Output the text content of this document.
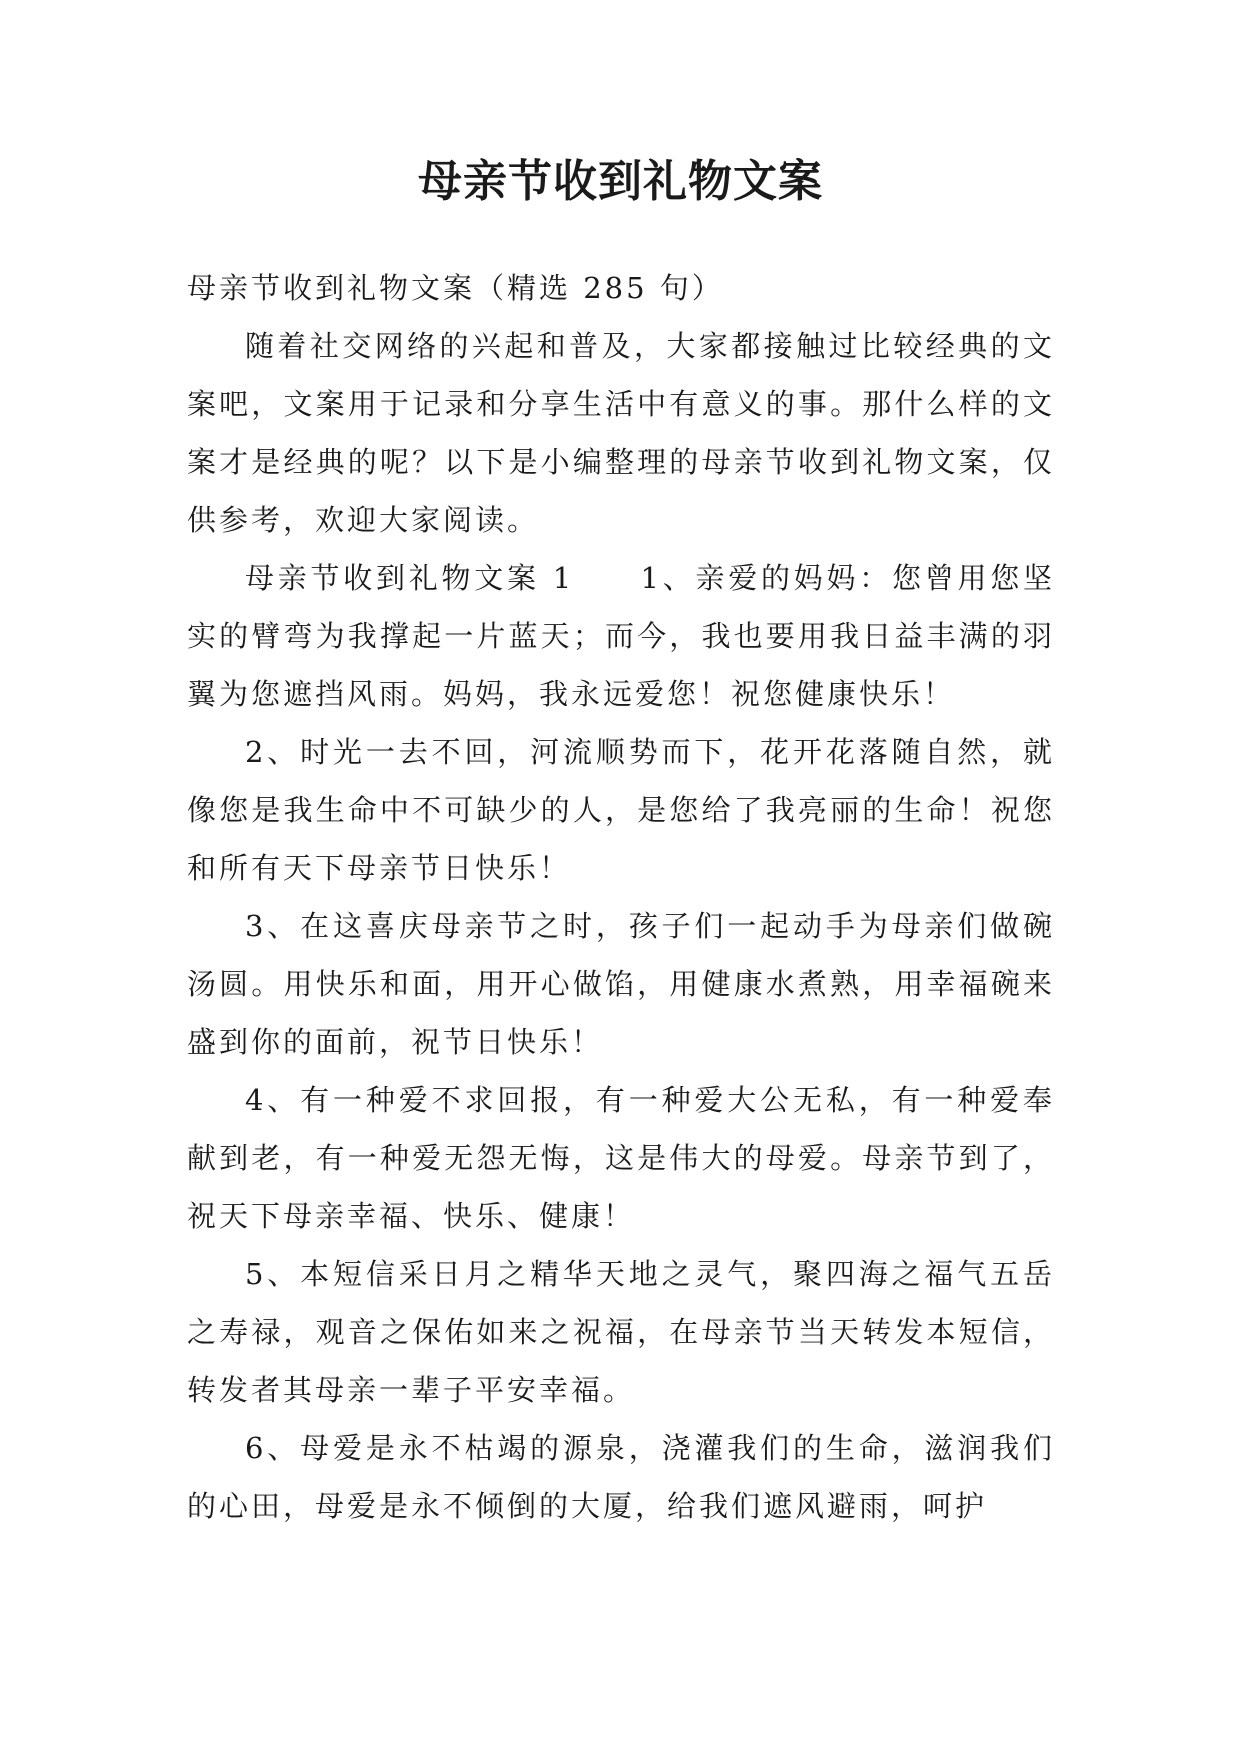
母亲节收到礼物文案

母亲节收到礼物文案（精选 285 句）

随着社交网络的兴起和普及，大家都接触过比较经典的文案吧，文案用于记录和分享生活中有意义的事。那什么样的文案才是经典的呢？以下是小编整理的母亲节收到礼物文案，仅供参考，欢迎大家阅读。

母亲节收到礼物文案 1　　1、亲爱的妈妈：您曾用您坚实的臂弯为我撑起一片蓝天；而今，我也要用我日益丰满的羽翼为您遮挡风雨。妈妈，我永远爱您！祝您健康快乐！

2、时光一去不回，河流顺势而下，花开花落随自然，就像您是我生命中不可缺少的人，是您给了我亮丽的生命！祝您和所有天下母亲节日快乐！

3、在这喜庆母亲节之时，孩子们一起动手为母亲们做碗汤圆。用快乐和面，用开心做馅，用健康水煮熟，用幸福碗来盛到你的面前，祝节日快乐！

4、有一种爱不求回报，有一种爱大公无私，有一种爱奉献到老，有一种爱无怨无悔，这是伟大的母爱。母亲节到了，祝天下母亲幸福、快乐、健康！

5、本短信采日月之精华天地之灵气，聚四海之福气五岳之寿禄，观音之保佑如来之祝福，在母亲节当天转发本短信，转发者其母亲一辈子平安幸福。

6、母爱是永不枯竭的源泉，浇灌我们的生命，滋润我们的心田，母爱是永不倾倒的大厦，给我们遮风避雨，呵护
